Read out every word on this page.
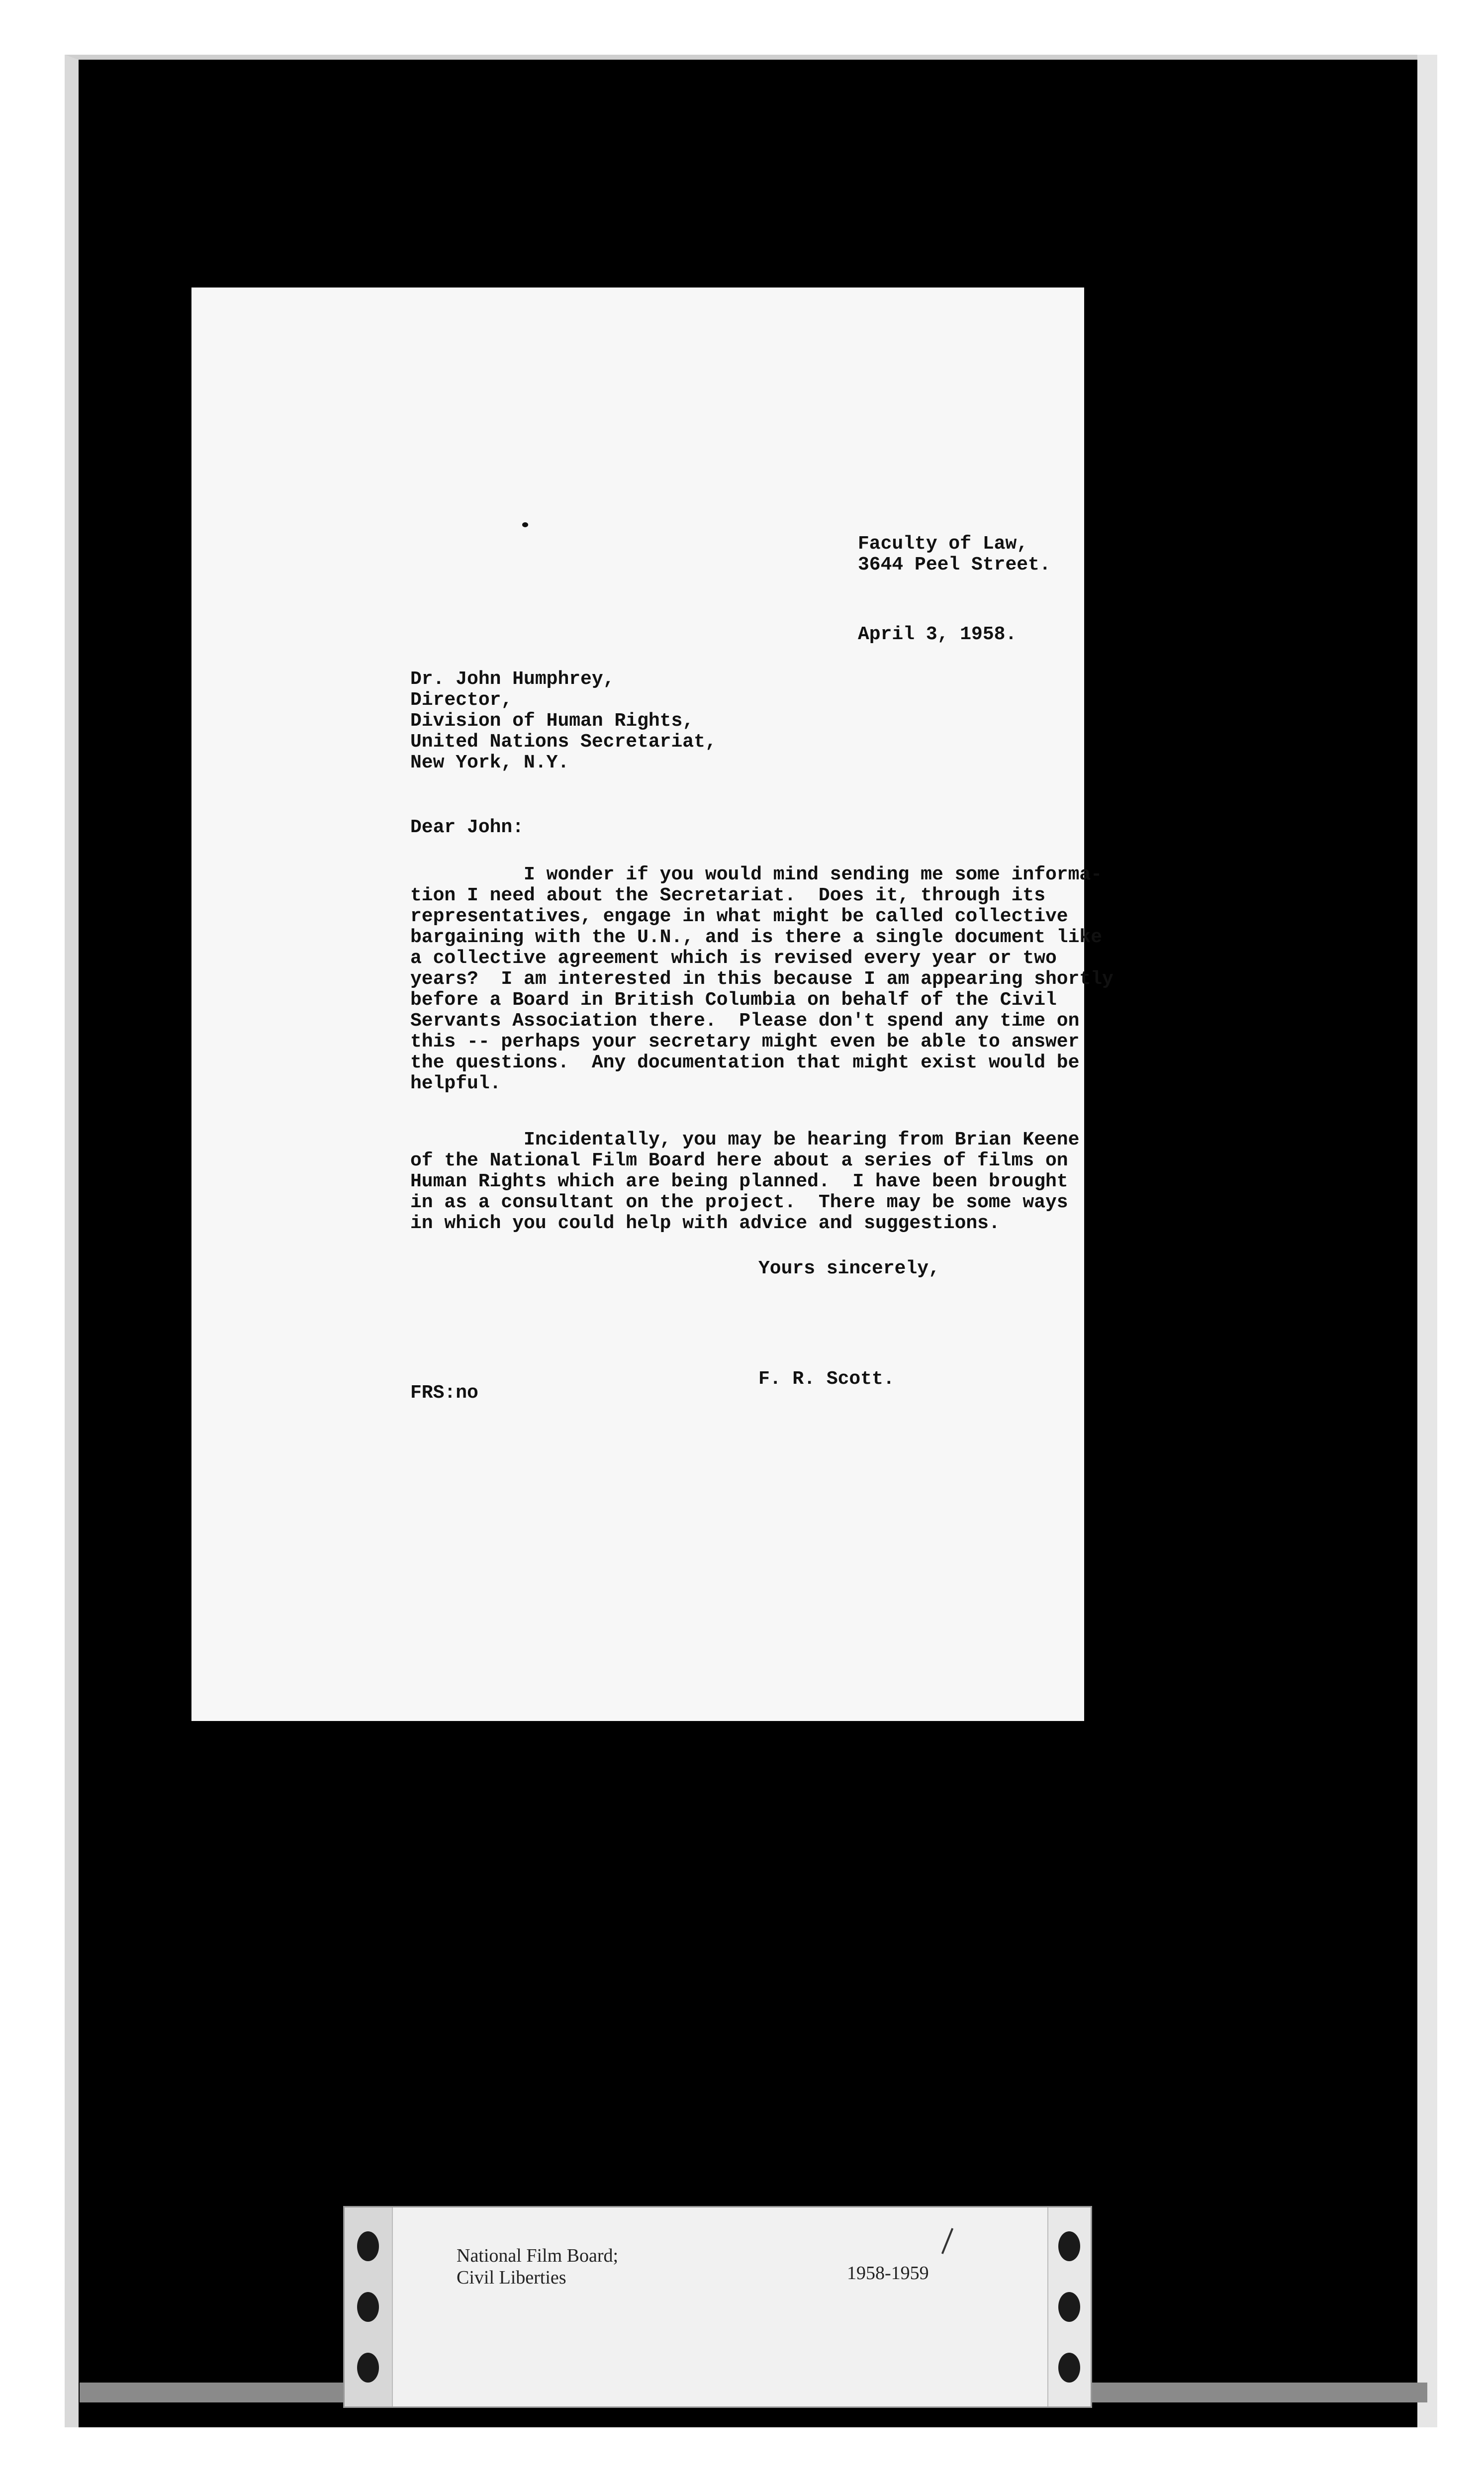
Faculty of Law,
3644 Peel Street.
April 3, 1958.
Dr. John Humphrey,
Director,
Division of Human Rights,
United Nations Secretariat,
New York, N.Y.
Dear John:
I wonder if you would mind sending me some informa-
tion I need about the Secretariat.  Does it, through its
representatives, engage in what might be called collective
bargaining with the U.N., and is there a single document like
a collective agreement which is revised every year or two
years?  I am interested in this because I am appearing shortly
before a Board in British Columbia on behalf of the Civil
Servants Association there.  Please don't spend any time on
this -- perhaps your secretary might even be able to answer
the questions.  Any documentation that might exist would be
helpful.
Incidentally, you may be hearing from Brian Keene
of the National Film Board here about a series of films on
Human Rights which are being planned.  I have been brought
in as a consultant on the project.  There may be some ways
in which you could help with advice and suggestions.
Yours sincerely,
F. R. Scott.
FRS:no
National Film Board;
Civil Liberties	1958-1959
